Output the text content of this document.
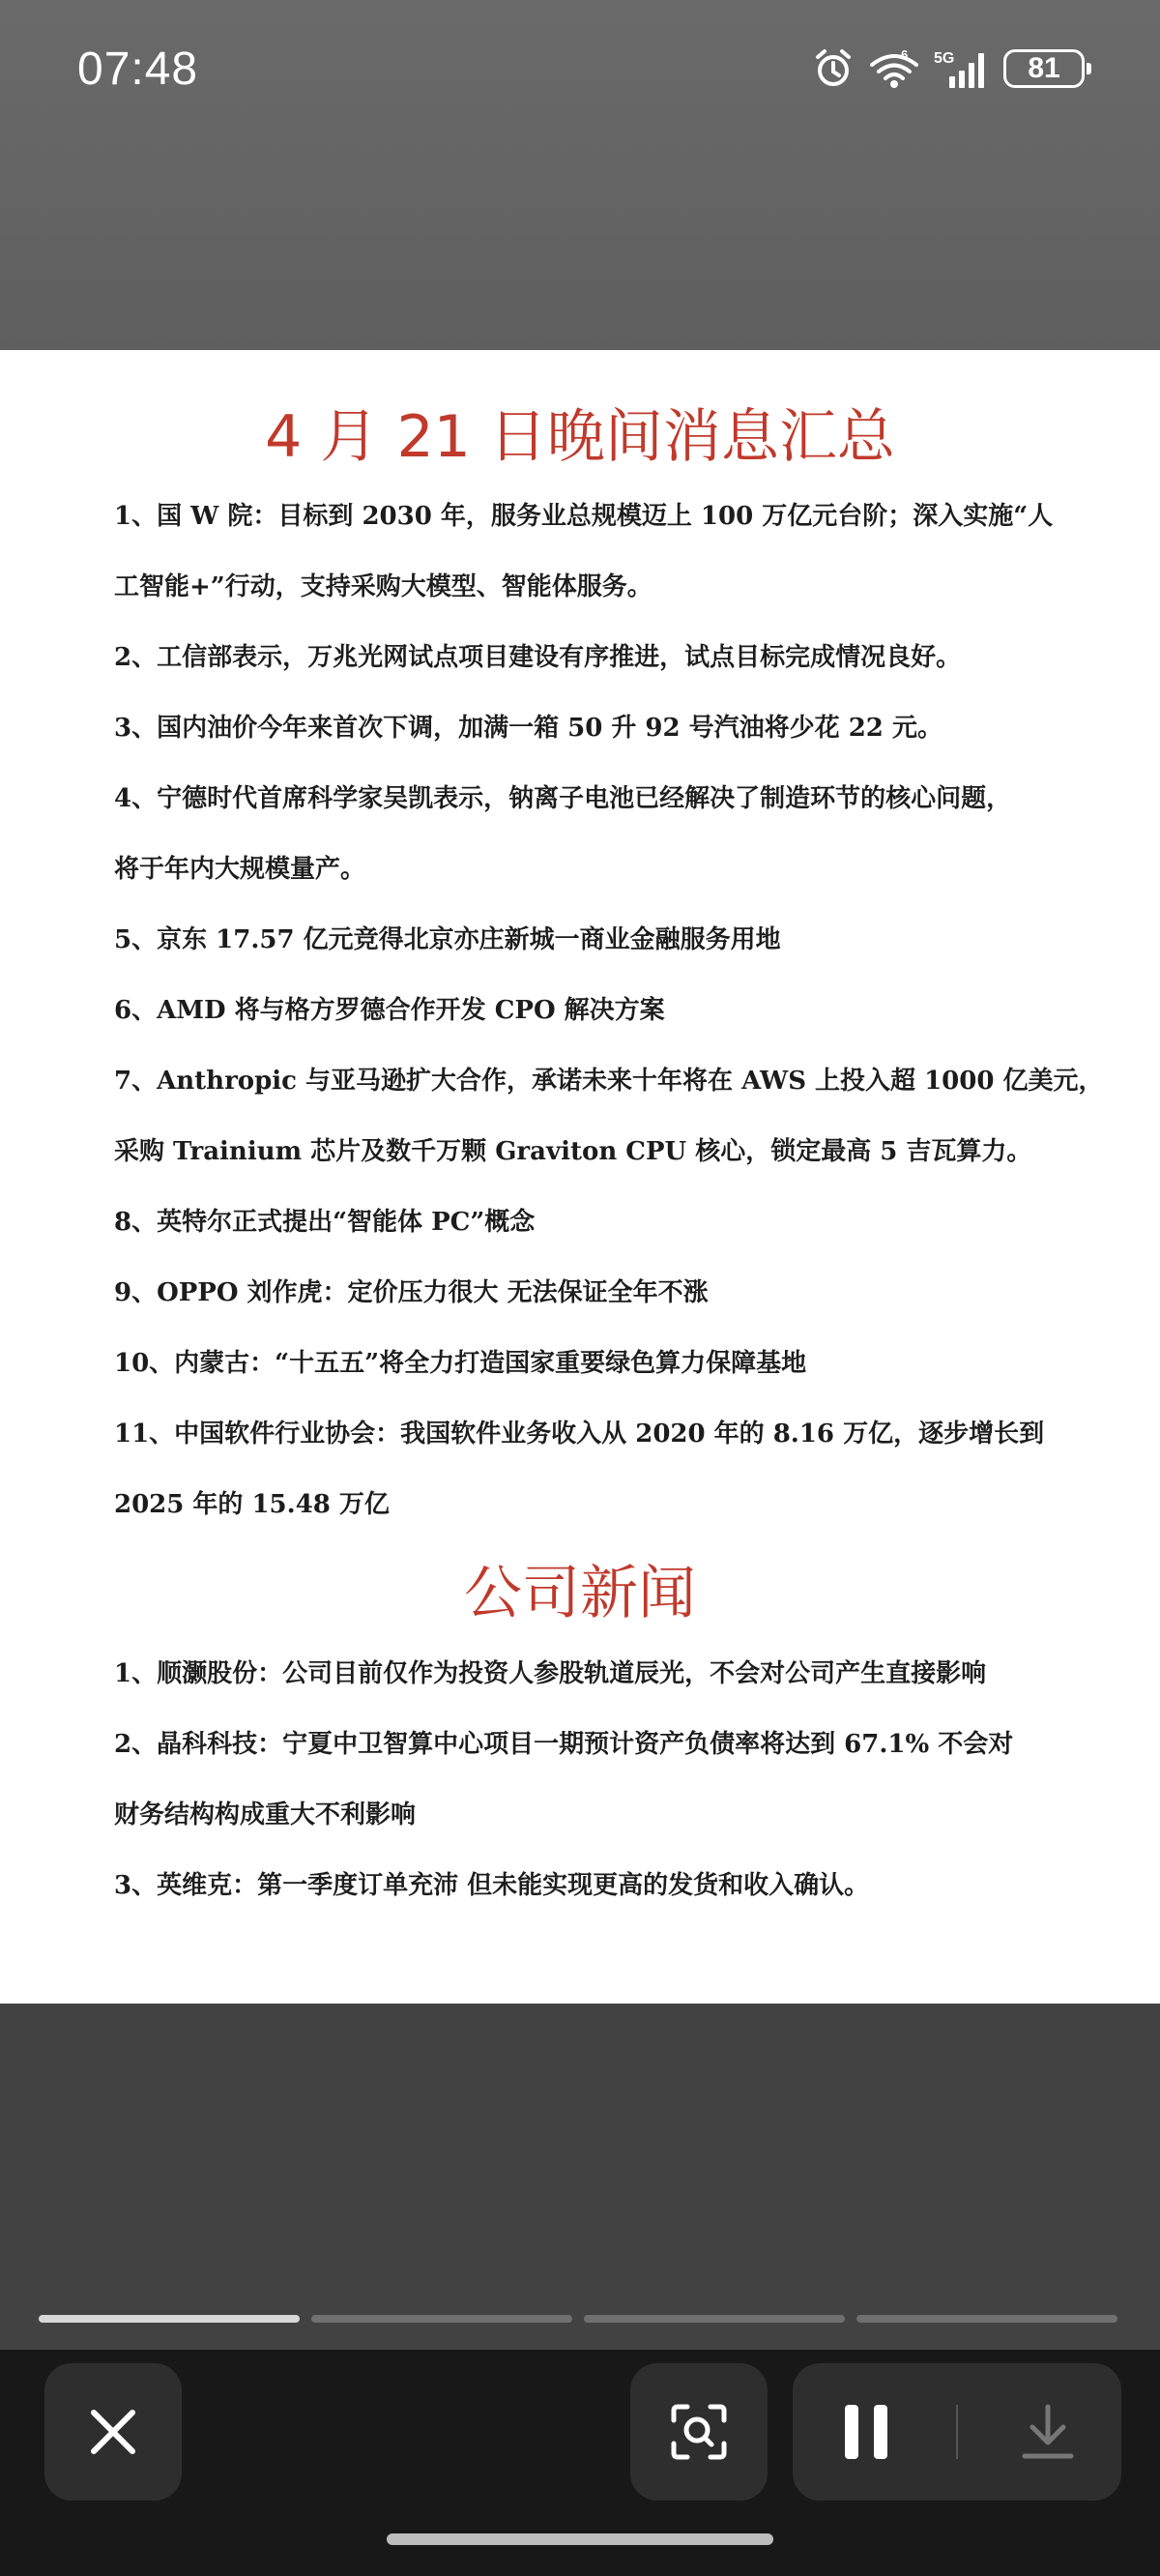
07:48	6 5G	81
4 月 21 日晚间消息汇总
1、国 W 院：目标到 2030 年，服务业总规模迈上 100 万亿元台阶；深入实施“人
工智能+”行动，支持采购大模型、智能体服务。
2、工信部表示，万兆光网试点项目建设有序推进，试点目标完成情况良好。
3、国内油价今年来首次下调，加满一箱 50 升 92 号汽油将少花 22 元。
4、宁德时代首席科学家吴凯表示，钠离子电池已经解决了制造环节的核心问题，
将于年内大规模量产。
5、京东 17.57 亿元竞得北京亦庄新城一商业金融服务用地
6、AMD 将与格方罗德合作开发 CPO 解决方案
7、Anthropic 与亚马逊扩大合作，承诺未来十年将在 AWS 上投入超 1000 亿美元，
采购 Trainium 芯片及数千万颗 Graviton CPU 核心，锁定最高 5 吉瓦算力。
8、英特尔正式提出“智能体 PC”概念
9、OPPO 刘作虎：定价压力很大 无法保证全年不涨
10、内蒙古：“十五五”将全力打造国家重要绿色算力保障基地
11、中国软件行业协会：我国软件业务收入从 2020 年的 8.16 万亿，逐步增长到
2025 年的 15.48 万亿
公司新闻
1、顺灏股份：公司目前仅作为投资人参股轨道辰光，不会对公司产生直接影响
2、晶科科技：宁夏中卫智算中心项目一期预计资产负债率将达到 67.1% 不会对
财务结构构成重大不利影响
3、英维克：第一季度订单充沛 但未能实现更高的发货和收入确认。
